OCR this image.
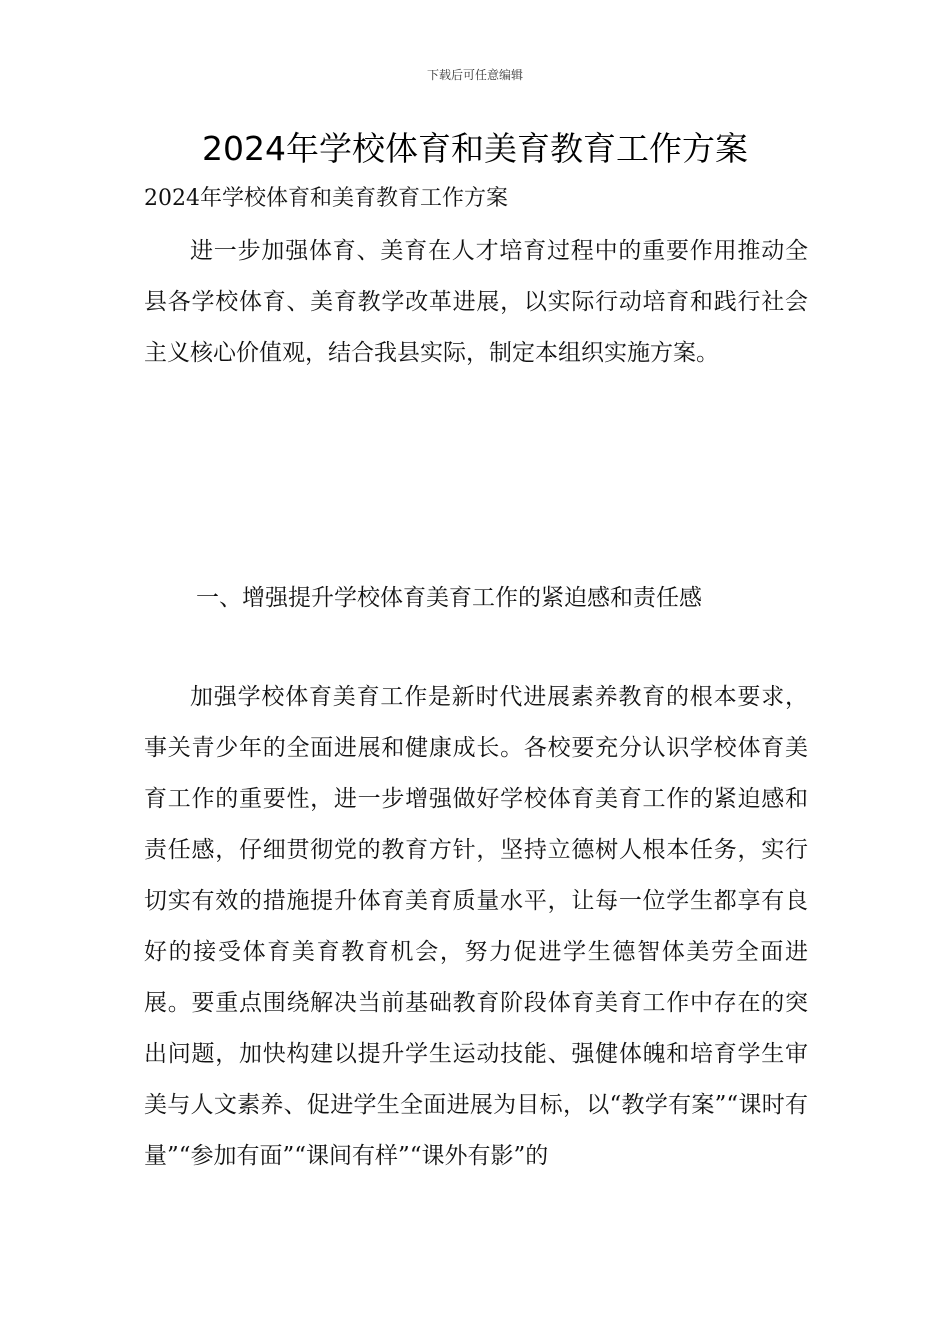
下载后可任意编辑
2024年学校体育和美育教育工作方案
2024年学校体育和美育教育工作方案

进一步加强体育、美育在人才培育过程中的重要作用推动全县各学校体育、美育教学改革进展，以实际行动培育和践行社会主义核心价值观，结合我县实际，制定本组织实施方案。

一、增强提升学校体育美育工作的紧迫感和责任感

加强学校体育美育工作是新时代进展素养教育的根本要求，事关青少年的全面进展和健康成长。各校要充分认识学校体育美育工作的重要性，进一步增强做好学校体育美育工作的紧迫感和责任感，仔细贯彻党的教育方针，坚持立德树人根本任务，实行切实有效的措施提升体育美育质量水平，让每一位学生都享有良好的接受体育美育教育机会，努力促进学生德智体美劳全面进展。要重点围绕解决当前基础教育阶段体育美育工作中存在的突出问题，加快构建以提升学生运动技能、强健体魄和培育学生审美与人文素养、促进学生全面进展为目标，以“教学有案”“课时有量”“参加有面”“课间有样”“课外有影”的
